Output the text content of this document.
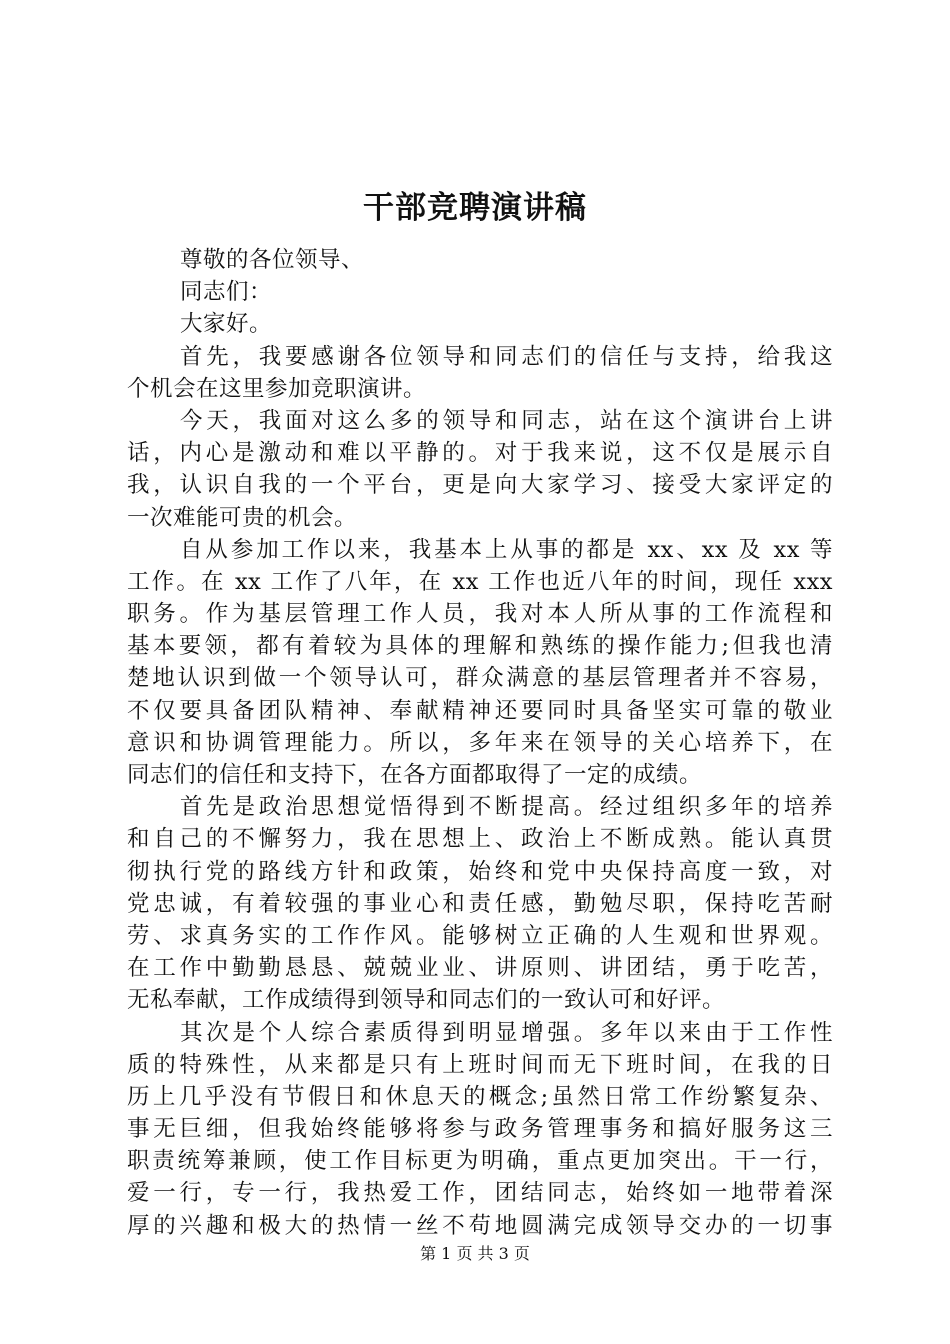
干部竞聘演讲稿
尊敬的各位领导、
同志们：
大家好。
首先，我要感谢各位领导和同志们的信任与支持，给我这
个机会在这里参加竞职演讲。
今天，我面对这么多的领导和同志，站在这个演讲台上讲
话，内心是激动和难以平静的。对于我来说，这不仅是展示自
我，认识自我的一个平台，更是向大家学习、接受大家评定的
一次难能可贵的机会。
自从参加工作以来，我基本上从事的都是 xx、xx 及 xx 等
工作。在 xx 工作了八年，在 xx 工作也近八年的时间，现任 xxx
职务。作为基层管理工作人员，我对本人所从事的工作流程和
基本要领，都有着较为具体的理解和熟练的操作能力;但我也清
楚地认识到做一个领导认可，群众满意的基层管理者并不容易，
不仅要具备团队精神、奉献精神还要同时具备坚实可靠的敬业
意识和协调管理能力。所以，多年来在领导的关心培养下，在
同志们的信任和支持下，在各方面都取得了一定的成绩。
首先是政治思想觉悟得到不断提高。经过组织多年的培养
和自己的不懈努力，我在思想上、政治上不断成熟。能认真贯
彻执行党的路线方针和政策，始终和党中央保持高度一致，对
党忠诚，有着较强的事业心和责任感，勤勉尽职，保持吃苦耐
劳、求真务实的工作作风。能够树立正确的人生观和世界观。
在工作中勤勤恳恳、兢兢业业、讲原则、讲团结，勇于吃苦，
无私奉献，工作成绩得到领导和同志们的一致认可和好评。
其次是个人综合素质得到明显增强。多年以来由于工作性
质的特殊性，从来都是只有上班时间而无下班时间，在我的日
历上几乎没有节假日和休息天的概念;虽然日常工作纷繁复杂、
事无巨细，但我始终能够将参与政务管理事务和搞好服务这三
职责统筹兼顾，使工作目标更为明确，重点更加突出。干一行，
爱一行，专一行，我热爱工作，团结同志，始终如一地带着深
厚的兴趣和极大的热情一丝不苟地圆满完成领导交办的一切事
第 1 页 共 3 页
